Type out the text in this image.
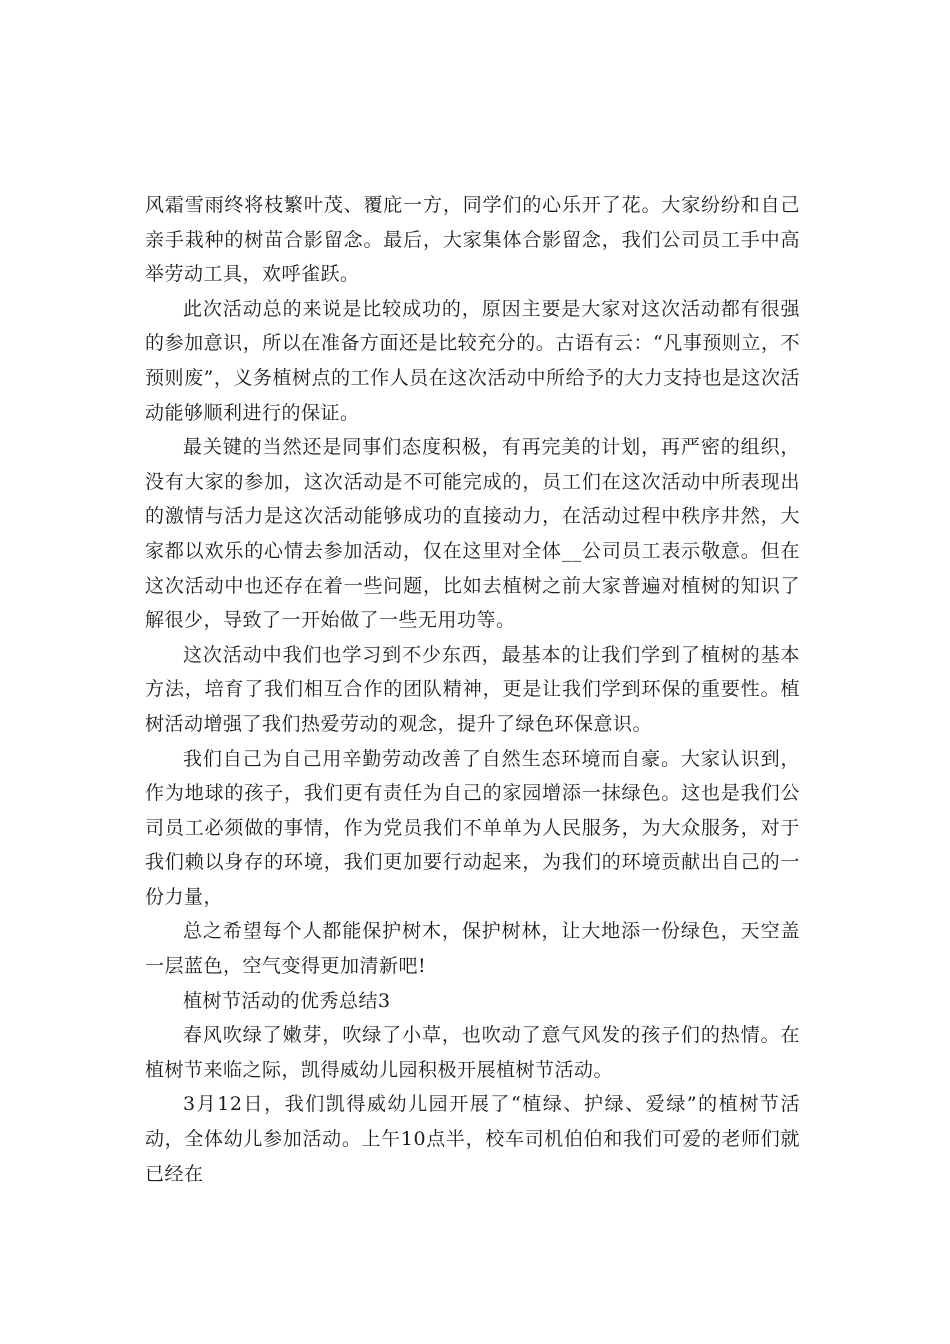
风霜雪雨终将枝繁叶茂、覆庇一方，同学们的心乐开了花。大家纷纷和自己亲手栽种的树苗合影留念。最后，大家集体合影留念，我们公司员工手中高举劳动工具，欢呼雀跃。

此次活动总的来说是比较成功的，原因主要是大家对这次活动都有很强的参加意识，所以在准备方面还是比较充分的。古语有云：“凡事预则立，不预则废”，义务植树点的工作人员在这次活动中所给予的大力支持也是这次活动能够顺利进行的保证。

最关键的当然还是同事们态度积极，有再完美的计划，再严密的组织，没有大家的参加，这次活动是不可能完成的，员工们在这次活动中所表现出的激情与活力是这次活动能够成功的直接动力，在活动过程中秩序井然，大家都以欢乐的心情去参加活动，仅在这里对全体__公司员工表示敬意。但在这次活动中也还存在着一些问题，比如去植树之前大家普遍对植树的知识了解很少，导致了一开始做了一些无用功等。

这次活动中我们也学习到不少东西，最基本的让我们学到了植树的基本方法，培育了我们相互合作的团队精神，更是让我们学到环保的重要性。植树活动增强了我们热爱劳动的观念，提升了绿色环保意识。

我们自己为自己用辛勤劳动改善了自然生态环境而自豪。大家认识到，作为地球的孩子，我们更有责任为自己的家园增添一抹绿色。这也是我们公司员工必须做的事情，作为党员我们不单单为人民服务，为大众服务，对于我们赖以身存的环境，我们更加要行动起来，为我们的环境贡献出自己的一份力量，

总之希望每个人都能保护树木，保护树林，让大地添一份绿色，天空盖一层蓝色，空气变得更加清新吧!

植树节活动的优秀总结3

春风吹绿了嫩芽，吹绿了小草，也吹动了意气风发的孩子们的热情。在植树节来临之际，凯得威幼儿园积极开展植树节活动。

3月12日，我们凯得威幼儿园开展了“植绿、护绿、爱绿”的植树节活动，全体幼儿参加活动。上午10点半，校车司机伯伯和我们可爱的老师们就已经在
